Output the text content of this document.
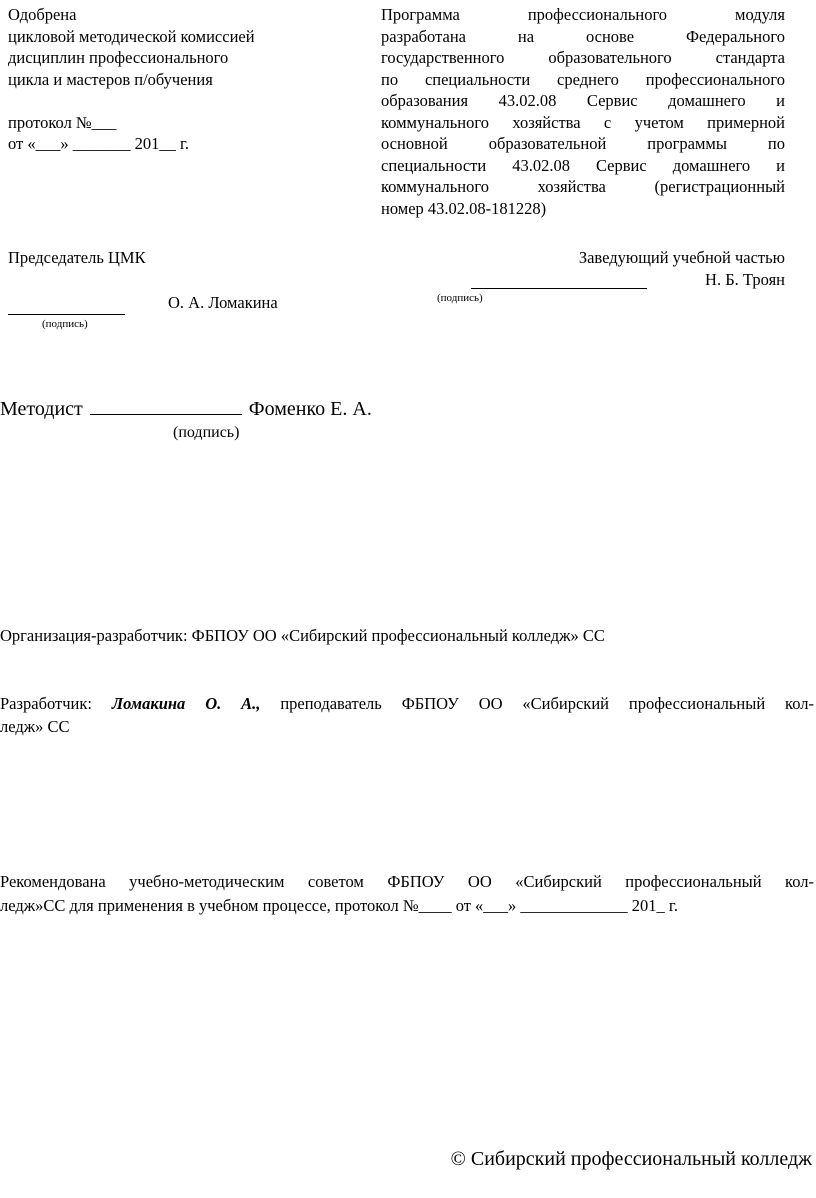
Одобрена
цикловой методической комиссией
дисциплин профессионального
цикла и мастеров п/обучения
протокол №___
от «___» _______ 201__ г.
Программа профессионального модуля
разработана на основе Федерального
государственного образовательного стандарта
по специальности среднего профессионального
образования 43.02.08 Сервис домашнего и
коммунального хозяйства с учетом примерной
основной образовательной программы по
специальности 43.02.08 Сервис домашнего и
коммунального хозяйства (регистрационный
номер 43.02.08-181228)
Председатель ЦМК
О. А. Ломакина
(подпись)
Заведующий учебной частью
Н. Б. Троян
(подпись)
Методист	Фоменко Е. А.
(подпись)
Организация-разработчик: ФБПОУ ОО «Сибирский профессиональный колледж» СС
Разработчик: Ломакина О. А., преподаватель ФБПОУ ОО «Сибирский профессиональный кол-
ледж» СС
Рекомендована учебно-методическим советом ФБПОУ ОО «Сибирский профессиональный кол-
ледж»СС для применения в учебном процессе, протокол №____ от «___» _____________ 201_ г.
© Сибирский профессиональный колледж
